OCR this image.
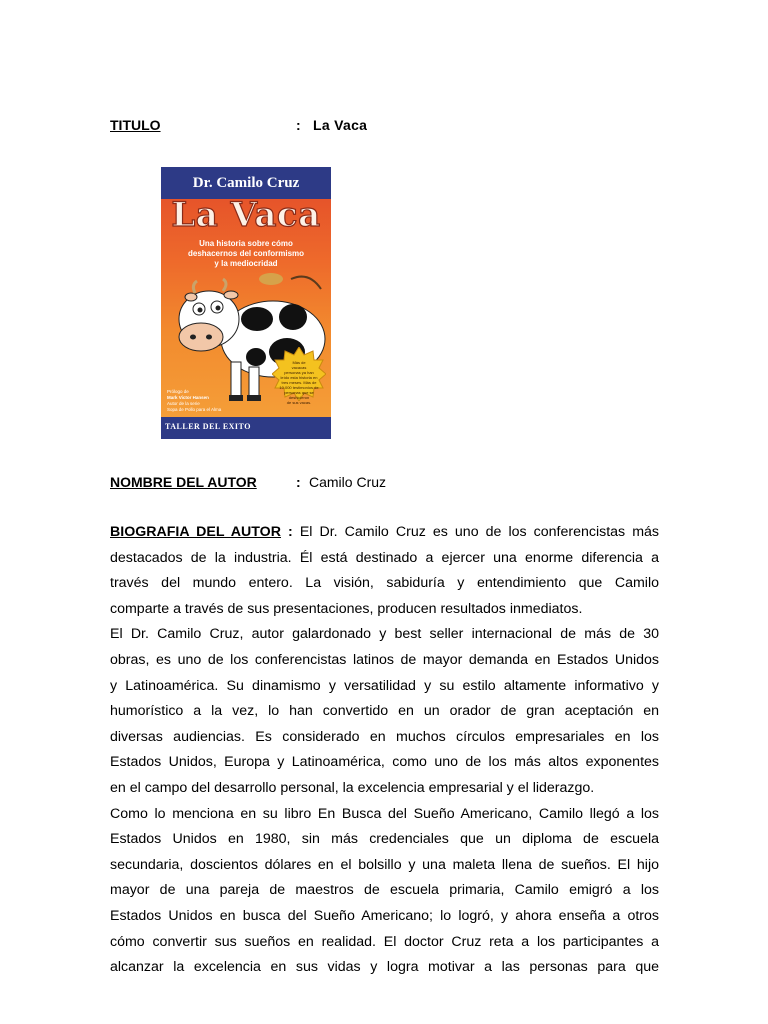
TITULO	: La Vaca
Dr. Camilo Cruz
La Vaca
Una historia sobre cómo
deshacernos del conformismo
y la mediocridad
Más de
vacacas
personas ya han
leído esta historia en
tres meses. Más de
10.000 testimonios de
personas que se
deshicieron
de sus vacas.
Prólogo de
Mark Victor Hansen
Autor de la serie
Sopa de Pollo para el Alma
TALLER DEL EXITO
NOMBRE DEL AUTOR	: Camilo Cruz
BIOGRAFIA DEL AUTOR : El Dr. Camilo Cruz es uno de los conferencistas más
destacados de la industria. Él está destinado a ejercer una enorme diferencia a
través del mundo entero. La visión, sabiduría y entendimiento que Camilo
comparte a través de sus presentaciones, producen resultados inmediatos.
El Dr. Camilo Cruz, autor galardonado y best seller internacional de más de 30
obras, es uno de los conferencistas latinos de mayor demanda en Estados Unidos
y Latinoamérica. Su dinamismo y versatilidad y su estilo altamente informativo y
humorístico a la vez, lo han convertido en un orador de gran aceptación en
diversas audiencias. Es considerado en muchos círculos empresariales en los
Estados Unidos, Europa y Latinoamérica, como uno de los más altos exponentes
en el campo del desarrollo personal, la excelencia empresarial y el liderazgo.
Como lo menciona en su libro En Busca del Sueño Americano, Camilo llegó a los
Estados Unidos en 1980, sin más credenciales que un diploma de escuela
secundaria, doscientos dólares en el bolsillo y una maleta llena de sueños. El hijo
mayor de una pareja de maestros de escuela primaria, Camilo emigró a los
Estados Unidos en busca del Sueño Americano; lo logró, y ahora enseña a otros
cómo convertir sus sueños en realidad. El doctor Cruz reta a los participantes a
alcanzar la excelencia en sus vidas y logra motivar a las personas para que
